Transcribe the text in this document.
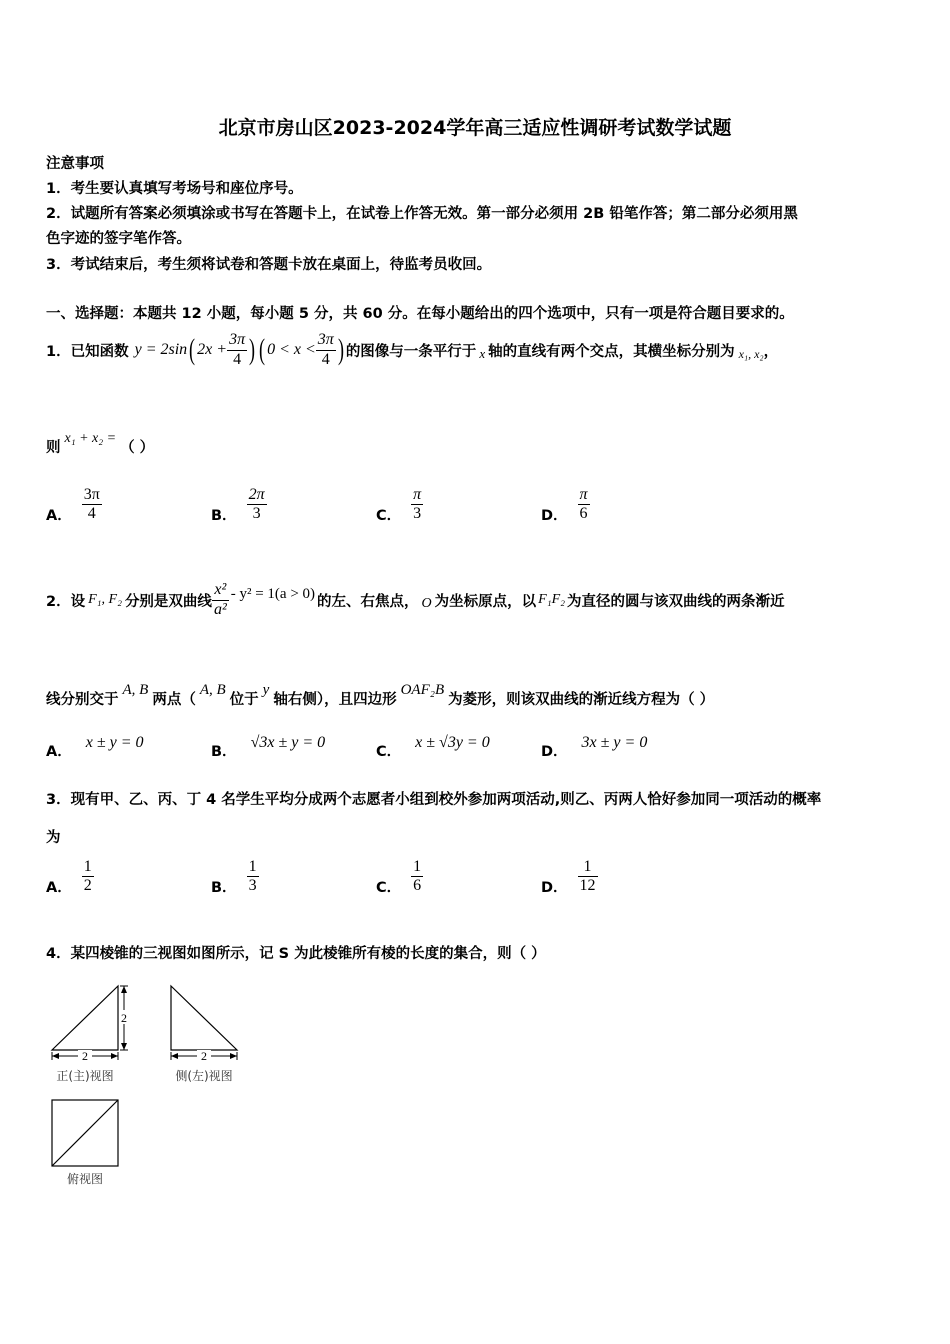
北京市房山区2023-2024学年高三适应性调研考试数学试题
注意事项
1．考生要认真填写考场号和座位序号。
2．试题所有答案必须填涂或书写在答题卡上，在试卷上作答无效。第一部分必须用 2B 铅笔作答；第二部分必须用黑
色字迹的签字笔作答。
3．考试结束后，考生须将试卷和答题卡放在桌面上，待监考员收回。
一、选择题：本题共 12 小题，每小题 5 分，共 60 分。在每小题给出的四个选项中，只有一项是符合题目要求的。
1．已知函数 y = 2sin ( $2x + \frac{3\pi}{4}$ ) ( $0 < x < \frac{3\pi}{4}$ ) 的图像与一条平行于 x 轴的直线有两个交点，其横坐标分别为 x₁, x₂ ，
则
x₁ + x₂ =
（ ）
A． $\frac{3\pi}{4}$	B． $\frac{2\pi}{3}$	C． $\frac{\pi}{3}$	D． $\frac{\pi}{6}$
2．设 F₁, F₂ 分别是双曲线 $\frac{\text{x²}}{\text{a²}} - y^2 = 1(a > 0)$ 的左、右焦点， O 为坐标原点，以 F₁F₂ 为直径的圆与该双曲线的两条渐近
线分别交于
A, B
两点（
A, B
位于
y
轴右侧），且四边形
OAF₂B
为菱形，则该双曲线的渐近线方程为（ ）
A．
x ± y = 0
B．
√3x ± y = 0
C．
x ± √3y = 0
D．
3x ± y = 0
3．现有甲、乙、丙、丁 4 名学生平均分成两个志愿者小组到校外参加两项活动,则乙、丙两人恰好参加同一项活动的概率
为
A． $\frac{1}{2}$	B． $\frac{1}{3}$	C． $\frac{1}{6}$	D． $\frac{1}{12}$
4．某四棱锥的三视图如图所示，记 S 为此棱锥所有棱的长度的集合，则（ ）
2
2
正(主)视图
2
侧(左)视图
俯视图
